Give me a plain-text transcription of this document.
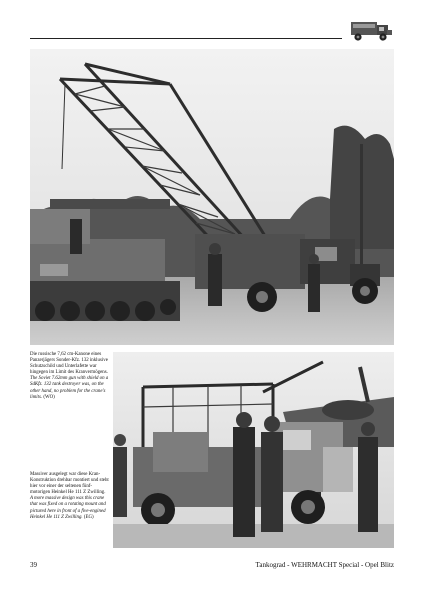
Die russische 7,62 cm-Kanone eines Panzerjägers Sonder-Kfz. 132 inklusive Schutzschild und Unterlafette war hingegen im Limit des Kranvermögens.
The Soviet 7.62mm gun with shield on a SdKfz. 132 tank destroyer was, on the other hand, no problem for the crane's limits. (WO)
Massiver ausgelegt war diese Kran-Konstruktion drehbar montiert und steht hier vor einer der seltenen fünf-motorigen Heinkel He 111 Z Zwilling.
A more massive design was this crane that was fixed on a rotating mount and pictured here in front of a five-engined Heinkel He 111 Z Zwilling. (EG)
39	Tankograd - WEHRMACHT Special - Opel Blitz
